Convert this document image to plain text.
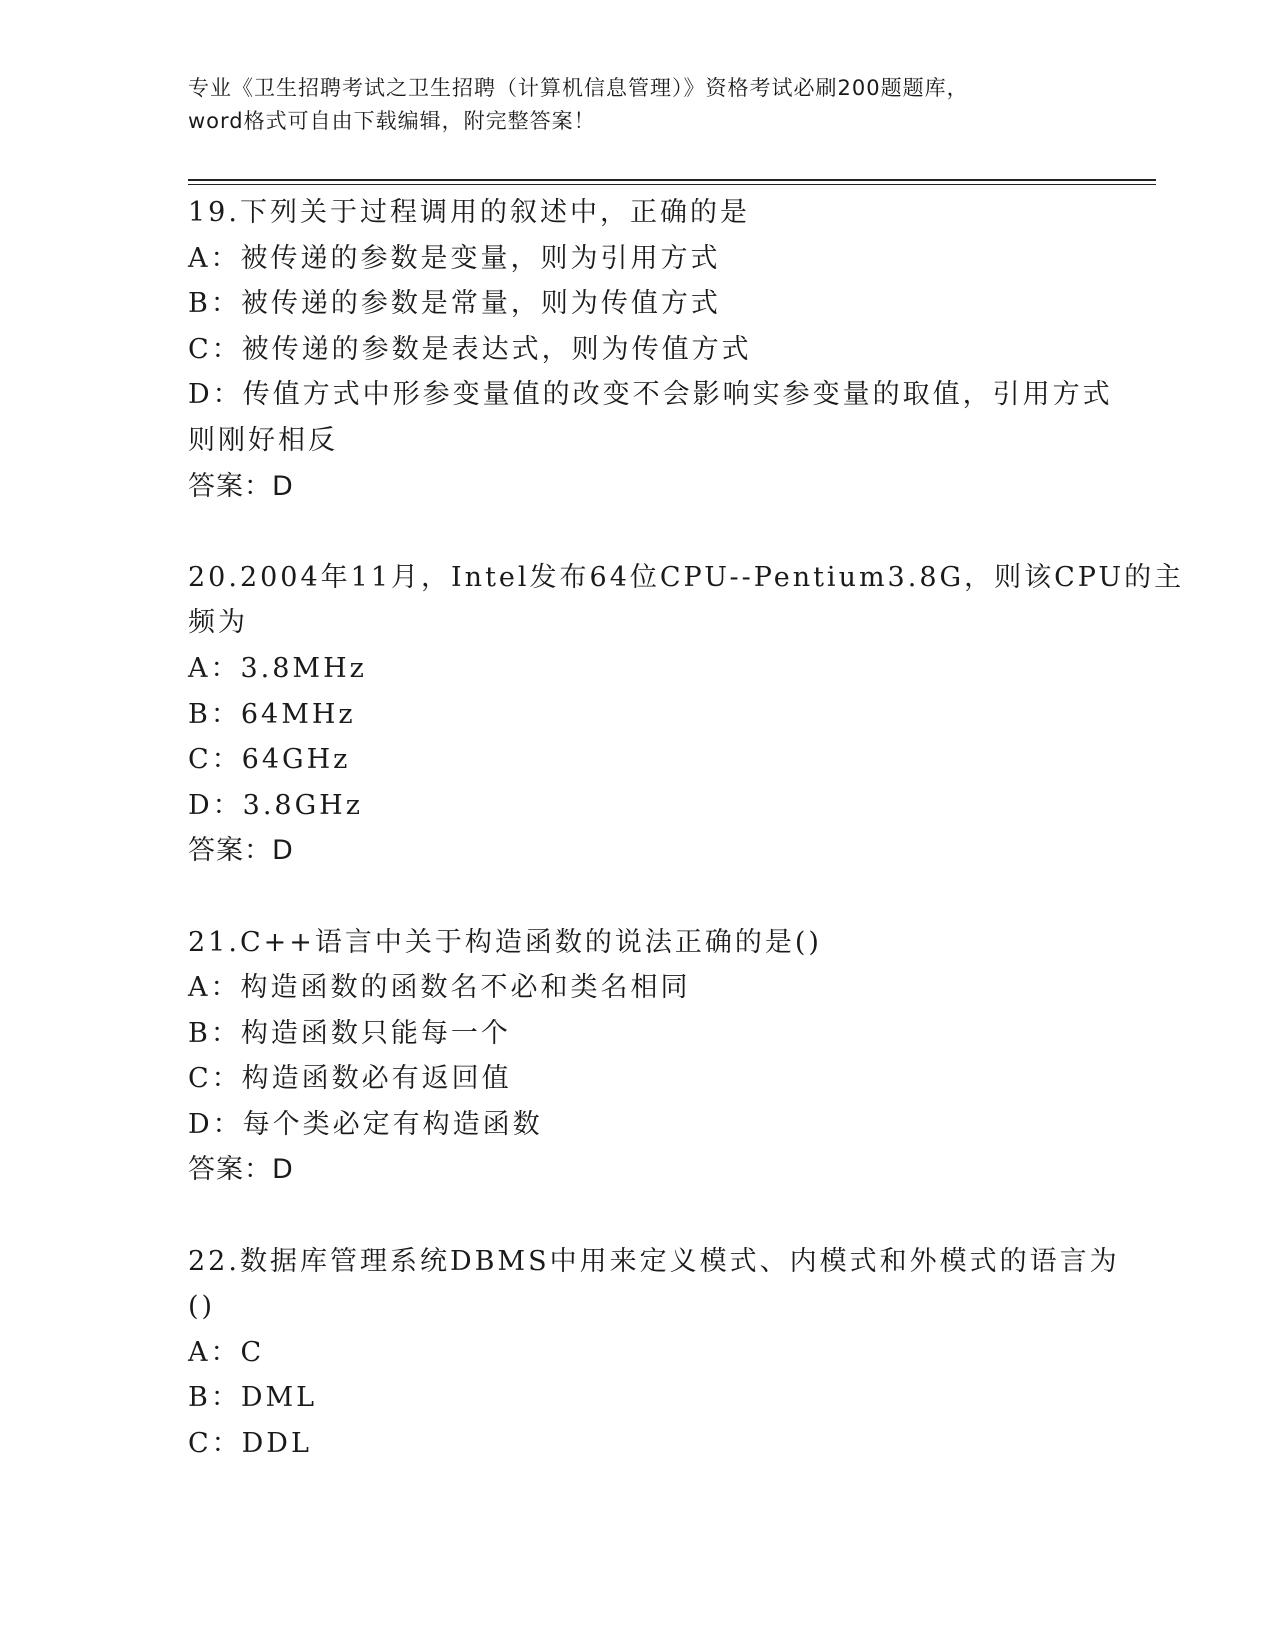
专业《卫生招聘考试之卫生招聘（计算机信息管理）》资格考试必刷200题题库，
word格式可自由下载编辑，附完整答案！
19.下列关于过程调用的叙述中，正确的是
A：被传递的参数是变量，则为引用方式
B：被传递的参数是常量，则为传值方式
C：被传递的参数是表达式，则为传值方式
D：传值方式中形参变量值的改变不会影响实参变量的取值，引用方式
则刚好相反
答案：D
20.2004年11月，Intel发布64位CPU--Pentium3.8G，则该CPU的主
频为
A：3.8MHz
B：64MHz
C：64GHz
D：3.8GHz
答案：D
21.C++语言中关于构造函数的说法正确的是()
A：构造函数的函数名不必和类名相同
B：构造函数只能每一个
C：构造函数必有返回值
D：每个类必定有构造函数
答案：D
22.数据库管理系统DBMS中用来定义模式、内模式和外模式的语言为
()
A：C
B：DML
C：DDL
